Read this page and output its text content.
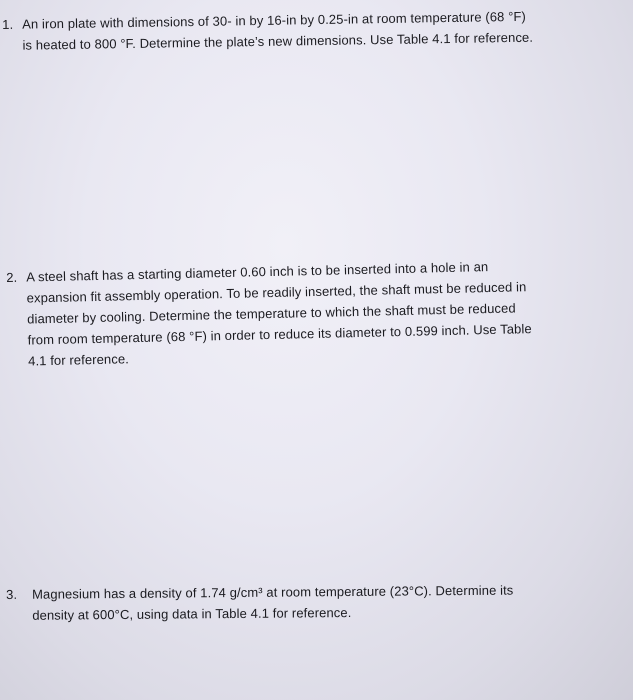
1. An iron plate with dimensions of 30- in by 16-in by 0.25-in at room temperature (68 °F)
is heated to 800 °F. Determine the plate’s new dimensions. Use Table 4.1 for reference.
2. A steel shaft has a starting diameter 0.60 inch is to be inserted into a hole in an
expansion fit assembly operation. To be readily inserted, the shaft must be reduced in
diameter by cooling. Determine the temperature to which the shaft must be reduced
from room temperature (68 °F) in order to reduce its diameter to 0.599 inch. Use Table
4.1 for reference.
3. Magnesium has a density of 1.74 g/cm³ at room temperature (23°C). Determine its
density at 600°C, using data in Table 4.1 for reference.
